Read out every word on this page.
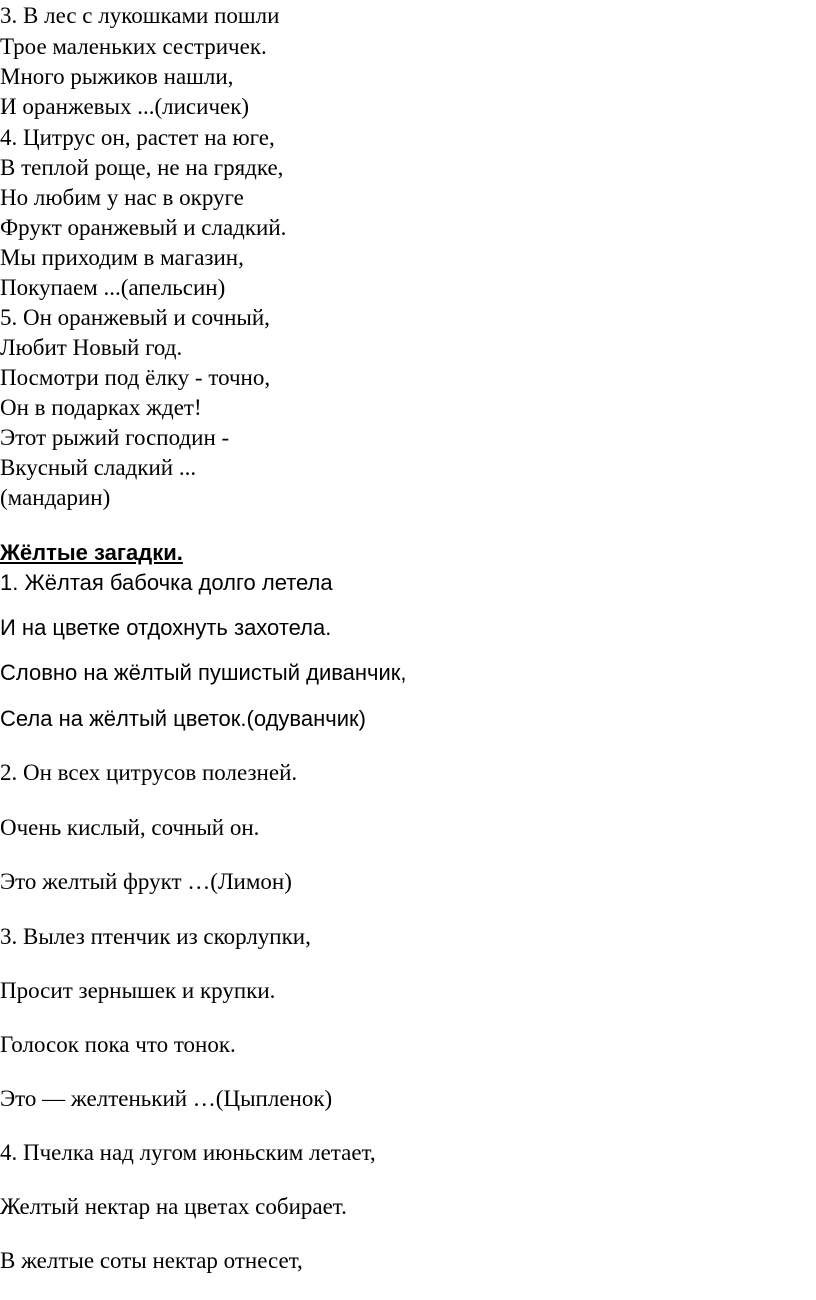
3. В лес с лукошками пошли
Трое маленьких сестричек.
Много рыжиков нашли,
И оранжевых ...(лисичек)
4. Цитрус он, растет на юге,
В теплой роще, не на грядке,
Но любим у нас в округе
Фрукт оранжевый и сладкий.
Мы приходим в магазин,
Покупаем ...(апельсин)
5. Он оранжевый и сочный,
Любит Новый год.
Посмотри под ёлку - точно,
Он в подарках ждет!
Этот рыжий господин -
Вкусный сладкий ...
(мандарин)
Жёлтые загадки.
1. Жёлтая бабочка долго летела
И на цветке отдохнуть захотела.
Словно на жёлтый пушистый диванчик,
Села на жёлтый цветок.(одуванчик)
2. Он всех цитрусов полезней.
Очень кислый, сочный он.
Это желтый фрукт …(Лимон)
3. Вылез птенчик из скорлупки,
Просит зернышек и крупки.
Голосок пока что тонок.
Это — желтенький …(Цыпленок)
4. Пчелка над лугом июньским летает,
Желтый нектар на цветах собирает.
В желтые соты нектар отнесет,
